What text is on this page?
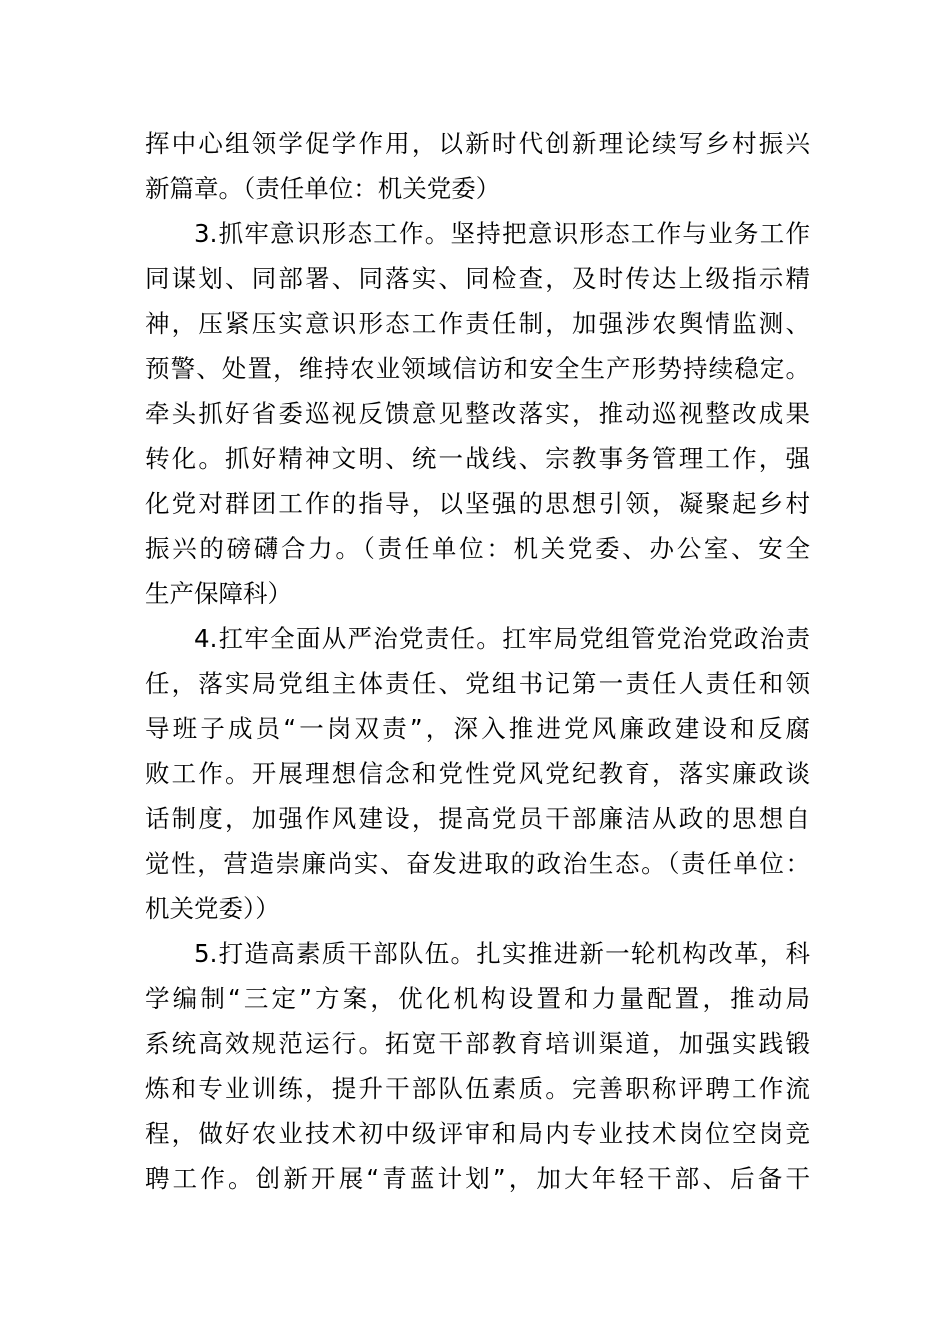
挥中心组领学促学作用，以新时代创新理论续写乡村振兴
新篇章。（责任单位：机关党委）
3.抓牢意识形态工作。坚持把意识形态工作与业务工作
同谋划、同部署、同落实、同检查，及时传达上级指示精
神，压紧压实意识形态工作责任制，加强涉农舆情监测、
预警、处置，维持农业领域信访和安全生产形势持续稳定。
牵头抓好省委巡视反馈意见整改落实，推动巡视整改成果
转化。抓好精神文明、统一战线、宗教事务管理工作，强
化党对群团工作的指导，以坚强的思想引领，凝聚起乡村
振兴的磅礴合力。（责任单位：机关党委、办公室、安全
生产保障科）
4.扛牢全面从严治党责任。扛牢局党组管党治党政治责
任，落实局党组主体责任、党组书记第一责任人责任和领
导班子成员“一岗双责”，深入推进党风廉政建设和反腐
败工作。开展理想信念和党性党风党纪教育，落实廉政谈
话制度，加强作风建设，提高党员干部廉洁从政的思想自
觉性，营造崇廉尚实、奋发进取的政治生态。（责任单位：
机关党委））
5.打造高素质干部队伍。扎实推进新一轮机构改革，科
学编制“三定”方案，优化机构设置和力量配置，推动局
系统高效规范运行。拓宽干部教育培训渠道，加强实践锻
炼和专业训练，提升干部队伍素质。完善职称评聘工作流
程，做好农业技术初中级评审和局内专业技术岗位空岗竞
聘工作。创新开展“青蓝计划”，加大年轻干部、后备干
